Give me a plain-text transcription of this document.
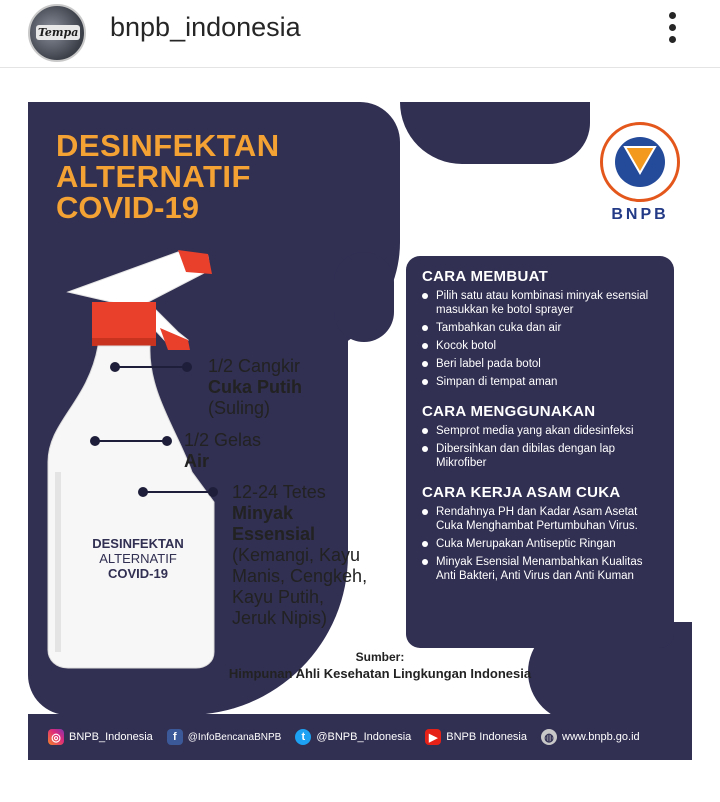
Tempa bnpb_indonesia
DESINFEKTAN
ALTERNATIF
COVID-19	BNPB
DESINFEKTAN
ALTERNATIF
COVID-19
1/2 Cangkir
Cuka Putih
(Suling)
1/2 Gelas
Air
12-24 Tetes
Minyak
Essensial
(Kemangi, Kayu
Manis, Cengkeh,
Kayu Putih,
Jeruk Nipis)
CARA MEMBUAT
Pilih satu atau kombinasi minyak esensial masukkan ke botol sprayer
Tambahkan cuka dan air
Kocok botol
Beri label pada botol
Simpan di tempat aman
CARA MENGGUNAKAN
Semprot media yang akan didesinfeksi
Dibersihkan dan dibilas dengan lap Mikrofiber
CARA KERJA ASAM CUKA
Rendahnya PH dan Kadar Asam Asetat Cuka Menghambat Pertumbuhan Virus.
Cuka Merupakan Antiseptic Ringan
Minyak Esensial Menambahkan Kualitas Anti Bakteri, Anti Virus dan Anti Kuman
Sumber:
Himpunan Ahli Kesehatan Lingkungan Indonesia
◎ BNPB_Indonesia	f	@InfoBencanaBNPB	t	@BNPB_Indonesia	▶ BNPB Indonesia ◍ www.bnpb.go.id
